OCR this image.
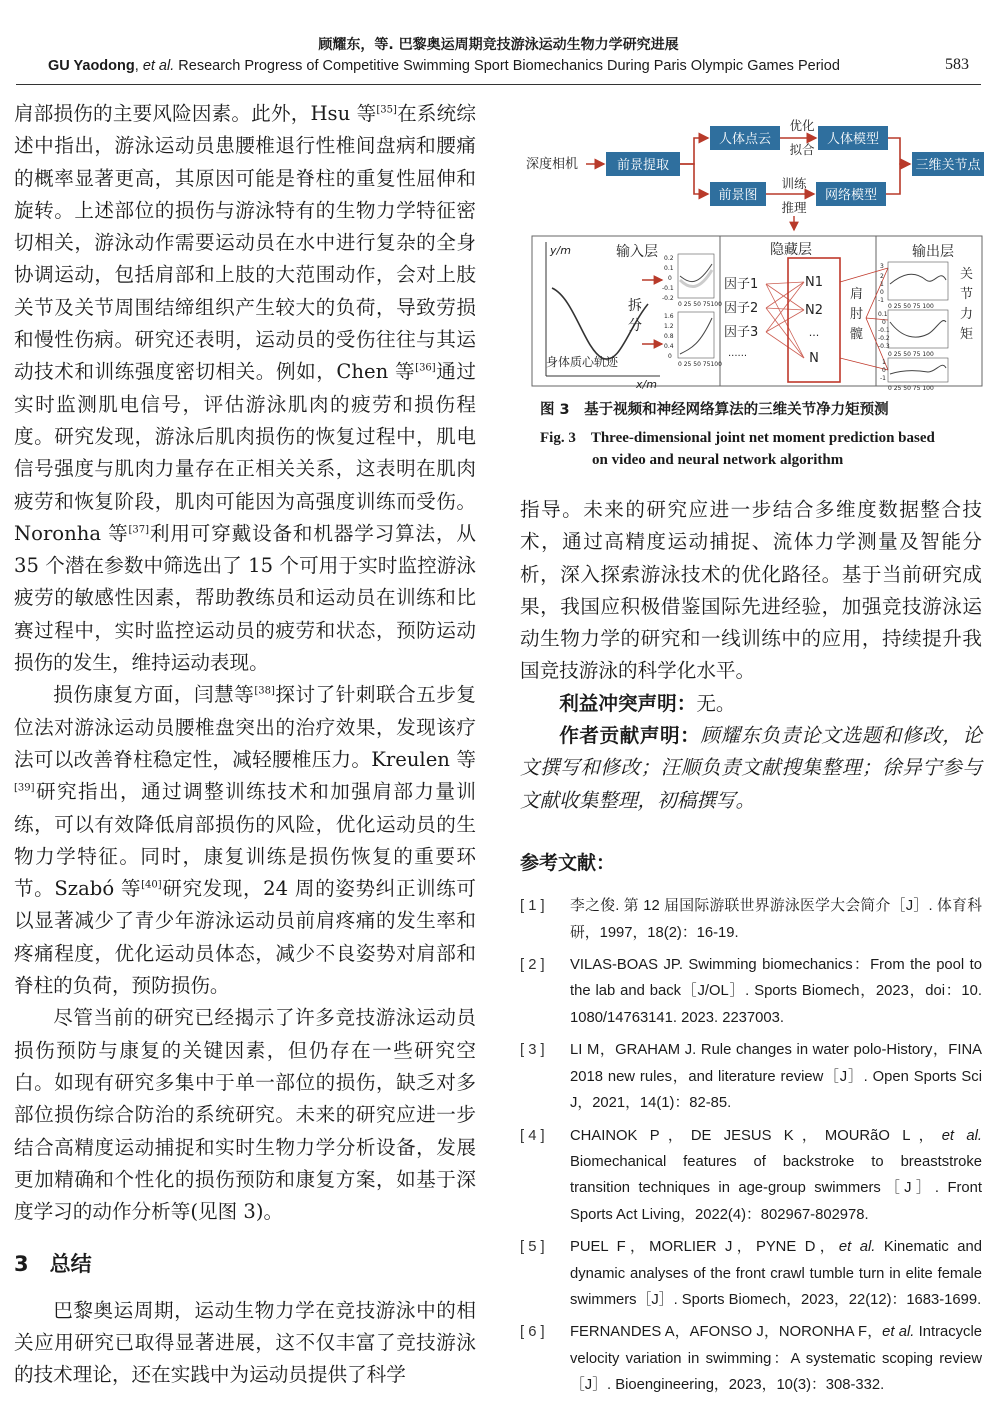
顾耀东，等. 巴黎奥运周期竞技游泳运动生物力学研究进展
GU Yaodong, et al. Research Progress of Competitive Swimming Sport Biomechanics During Paris Olympic Games Period	583

肩部损伤的主要风险因素。此外，Hsu 等[35]在系统综述中指出，游泳运动员患腰椎退行性椎间盘病和腰痛的概率显著更高，其原因可能是脊柱的重复性屈伸和旋转。上述部位的损伤与游泳特有的生物力学特征密切相关，游泳动作需要运动员在水中进行复杂的全身协调运动，包括肩部和上肢的大范围动作，会对上肢关节及关节周围结缔组织产生较大的负荷，导致劳损和慢性伤病。研究还表明，运动员的受伤往往与其运动技术和训练强度密切相关。例如，Chen 等[36]通过实时监测肌电信号，评估游泳肌肉的疲劳和损伤程度。研究发现，游泳后肌肉损伤的恢复过程中，肌电信号强度与肌肉力量存在正相关关系，这表明在肌肉疲劳和恢复阶段，肌肉可能因为高强度训练而受伤。Noronha 等[37]利用可穿戴设备和机器学习算法，从 35 个潜在参数中筛选出了 15 个可用于实时监控游泳疲劳的敏感性因素，帮助教练员和运动员在训练和比赛过程中，实时监控运动员的疲劳和状态，预防运动损伤的发生，维持运动表现。

损伤康复方面，闫慧等[38]探讨了针刺联合五步复位法对游泳运动员腰椎盘突出的治疗效果，发现该疗法可以改善脊柱稳定性，减轻腰椎压力。Kreulen 等[39]研究指出，通过调整训练技术和加强肩部力量训练，可以有效降低肩部损伤的风险，优化运动员的生物力学特征。同时，康复训练是损伤恢复的重要环节。Szabó 等[40]研究发现，24 周的姿势纠正训练可以显著减少了青少年游泳运动员前肩疼痛的发生率和疼痛程度，优化运动员体态，减少不良姿势对肩部和脊柱的负荷，预防损伤。

尽管当前的研究已经揭示了许多竞技游泳运动员损伤预防与康复的关键因素，但仍存在一些研究空白。如现有研究多集中于单一部位的损伤，缺乏对多部位损伤综合防治的系统研究。未来的研究应进一步结合高精度运动捕捉和实时生物力学分析设备，发展更加精确和个性化的损伤预防和康复方案，如基于深度学习的动作分析等(见图 3)。

3　总结

巴黎奥运周期，运动生物力学在竞技游泳中的相关应用研究已取得显著进展，这不仅丰富了竞技游泳的技术理论，还在实践中为运动员提供了科学

深度相机	前景提取
人体点云
优化
拟合
人体模型
前景图
训练
推理
网络模型
三维关节点
输入层	隐藏层	输出层
y/m
x/m
身体质心轨迹
拆
分
0.2
0.1
0
-0.1
-0.2
0 25 50 75100
1.6
1.2
0.8
0.4
0
0 25 50 75100
因子1
因子2
因子3
......
N1
N2
...
N
肩
肘
髋
3
2
1
0
-1
0 25 50 75 100
0.1
0
-0.1
-0.2
-0.3
0 25 50 75 100
1
0
-1
0 25 50 75 100
关
节
力
矩
图 3　基于视频和神经网络算法的三维关节净力矩预测
Fig. 3　Three-dimensional joint net moment prediction based
on video and neural network algorithm

指导。未来的研究应进一步结合多维度数据整合技术，通过高精度运动捕捉、流体力学测量及智能分析，深入探索游泳技术的优化路径。基于当前研究成果，我国应积极借鉴国际先进经验，加强竞技游泳运动生物力学的研究和一线训练中的应用，持续提升我国竞技游泳的科学化水平。

利益冲突声明：无。

作者贡献声明：顾耀东负责论文选题和修改，论文撰写和修改；汪顺负责文献搜集整理；徐异宁参与文献收集整理，初稿撰写。

参考文献：

[ 1 ]	李之俊. 第 12 届国际游联世界游泳医学大会简介［J］. 体育科研，1997，18(2)：16-19.
[ 2 ]	VILAS-BOAS JP. Swimming biomechanics：From the pool to the lab and back［J/OL］. Sports Biomech，2023，doi：10. 1080/14763141. 2023. 2237003.
[ 3 ]	LI M，GRAHAM J. Rule changes in water polo-History，FINA 2018 new rules，and literature review［J］. Open Sports Sci J，2021，14(1)：82-85.
[ 4 ]	CHAINOK P，DE JESUS K，MOURãO L，et al. Biomechanical features of backstroke to breaststroke transition techniques in age-group swimmers［J］. Front Sports Act Living，2022(4)：802967-802978.
[ 5 ]	PUEL F，MORLIER J，PYNE D，et al. Kinematic and dynamic analyses of the front crawl tumble turn in elite female swimmers［J］. Sports Biomech，2023，22(12)：1683-1699.
[ 6 ]	FERNANDES A，AFONSO J，NORONHA F，et al. Intracycle velocity variation in swimming：A systematic scoping review［J］. Bioengineering，2023，10(3)：308-332.
